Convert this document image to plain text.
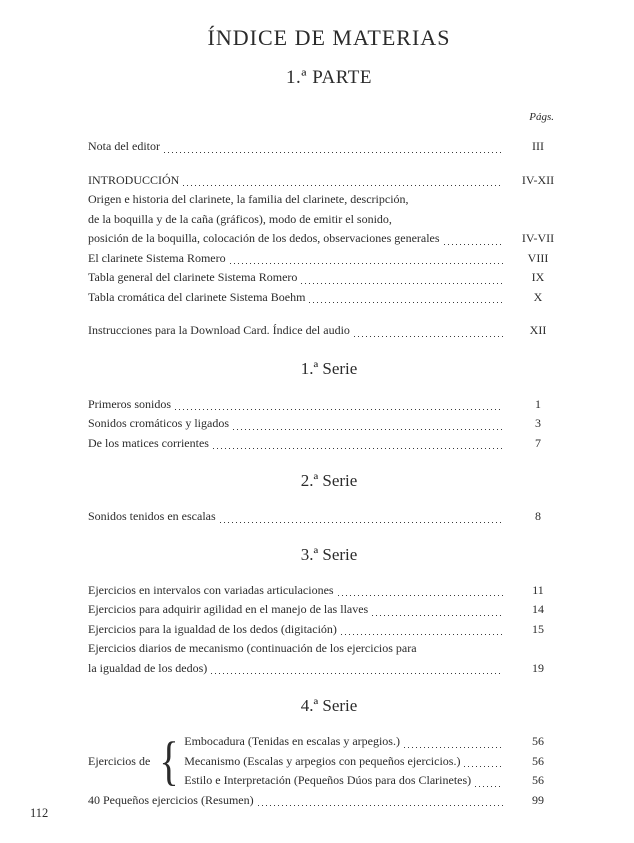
ÍNDICE DE MATERIAS
1.ª PARTE
Págs.
Nota del editor	III
INTRODUCCIÓN	IV-XII
Origen e historia del clarinete, la familia del clarinete, descripción,
de la boquilla y de la caña (gráficos), modo de emitir el sonido,
posición de la boquilla, colocación de los dedos, observaciones generales	IV-VII
El clarinete Sistema Romero	VIII
Tabla general del clarinete Sistema Romero	IX
Tabla cromática del clarinete Sistema Boehm	X
Instrucciones para la Download Card. Índice del audio	XII
1.ª Serie
Primeros sonidos	1
Sonidos cromáticos y ligados	3
De los matices corrientes	7
2.ª Serie
Sonidos tenidos en escalas	8
3.ª Serie
Ejercicios en intervalos con variadas articulaciones	11
Ejercicios para adquirir agilidad en el manejo de las llaves	14
Ejercicios para la igualdad de los dedos (digitación)	15
Ejercicios diarios de mecanismo (continuación de los ejercicios para
la igualdad de los dedos)	19
4.ª Serie
Ejercicios de { Embocadura (Tenidas en escalas y arpegios.)	56
Mecanismo (Escalas y arpegios con pequeños ejercicios.)	56
Estilo e Interpretación (Pequeños Dúos para dos Clarinetes)	56
40 Pequeños ejercicios (Resumen)	99
112
